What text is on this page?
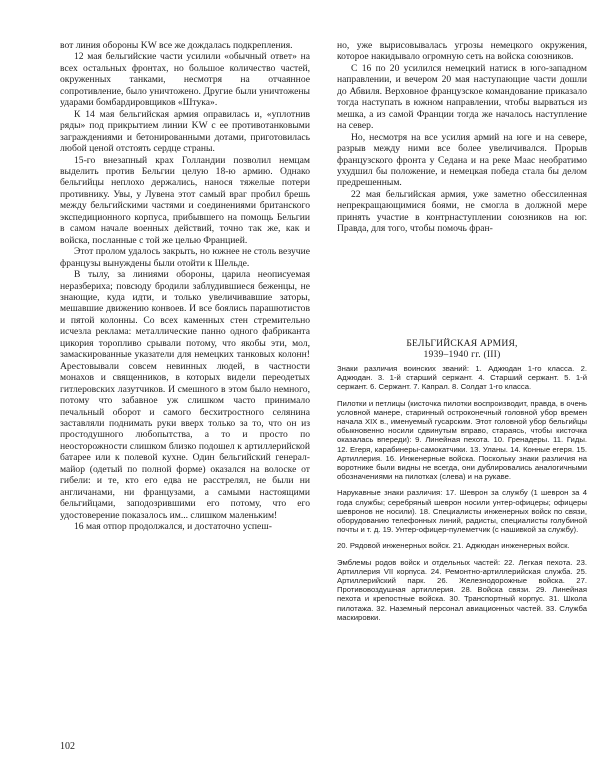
вот линия обороны KW все же дождалась подкрепления.

12 мая бельгийские части усилили «обычный ответ» на всех остальных фронтах, но большое количество частей, окруженных танками, несмотря на отчаянное сопротивление, было уничтожено. Другие были уничтожены ударами бомбардировщиков «Штука».

К 14 мая бельгийская армия оправилась и, «уплотнив ряды» под прикрытием линии KW с ее противотанковыми заграждениями и бетонированными дотами, приготовилась любой ценой отстоять сердце страны.

15-го внезапный крах Голландии позволил немцам выделить против Бельгии целую 18-ю армию. Однако бельгийцы неплохо держались, нанося тяжелые потери противнику. Увы, у Лувена этот самый враг пробил брешь между бельгийскими частями и соединениями британского экспедиционного корпуса, прибывшего на помощь Бельгии в самом начале военных действий, точно так же, как и войска, посланные с той же целью Францией.

Этот пролом удалось закрыть, но южнее не столь везучие французы вынуждены были отойти к Шельде.

В тылу, за линиями обороны, царила неописуемая неразбериха; повсюду бродили заблудившиеся беженцы, не знающие, куда идти, и только увеличивавшие заторы, мешавшие движению конвоев. И все боялись парашютистов и пятой колонны. Со всех каменных стен стремительно исчезла реклама: металлические панно одного фабриканта цикория торопливо срывали потому, что якобы эти, мол, замаскированные указатели для немецких танковых колонн! Арестовывали совсем невинных людей, в частности монахов и священников, в которых видели переодетых гитлеровских лазутчиков. И смешного в этом было немного, потому что забавное уж слишком часто принимало печальный оборот и самого бесхитростного селянина заставляли поднимать руки вверх только за то, что он из простодушного любопытства, а то и просто по неосторожности слишком близко подошел к артиллерийской батарее или к полевой кухне. Один бельгийский генерал-майор (одетый по полной форме) оказался на волоске от гибели: и те, кто его едва не расстрелял, не были ни англичанами, ни французами, а самыми настоящими бельгийцами, заподозрившими его потому, что его удостоверение показалось им... слишком маленьким!

16 мая отпор продолжался, и достаточно успеш-

но, уже вырисовывалась угрозы немецкого окружения, которое накидывало огромную сеть на войска союзников.

С 16 по 20 усилился немецкий натиск в юго-западном направлении, и вечером 20 мая наступающие части дошли до Абвиля. Верховное французское командование приказало тогда наступать в южном направлении, чтобы вырваться из мешка, а из самой Франции тогда же началось наступление на север.

Но, несмотря на все усилия армий на юге и на севере, разрыв между ними все более увеличивался. Прорыв французского фронта у Седана и на реке Маас необратимо ухудшил бы положение, и немецкая победа стала бы делом предрешенным.

22 мая бельгийская армия, уже заметно обессиленная непрекращающимися боями, не смогла в должной мере принять участие в контрнаступлении союзников на юг. Правда, для того, чтобы помочь фран-

БЕЛЬГИЙСКАЯ АРМИЯ,
1939–1940 гг. (III)

Знаки различия воинских званий: 1. Аджюдан 1-го класса. 2. Аджюдан. 3. 1-й старший сержант. 4. Старший сержант. 5. 1-й сержант. 6. Сержант. 7. Капрал. 8. Солдат 1-го класса.

Пилотки и петлицы (кисточка пилотки воспроизводит, правда, в очень условной манере, старинный остроконечный головной убор времен начала XIX в., именуемый гусарским. Этот головной убор бельгийцы обыкновенно носили сдвинутым вправо, стараясь, чтобы кисточка оказалась впереди): 9. Линейная пехота. 10. Гренадеры. 11. Гиды. 12. Егеря, карабинеры-самокатчики. 13. Уланы. 14. Конные егеря. 15. Артиллерия. 16. Инженерные войска. Поскольку знаки различия на воротнике были видны не всегда, они дублировались аналогичными обозначениями на пилотках (слева) и на рукаве.

Нарукавные знаки различия: 17. Шеврон за службу (1 шеврон за 4 года службы; серебряный шеврон носили унтер-офицеры; офицеры шевронов не носили). 18. Специалисты инженерных войск по связи, оборудованию телефонных линий, радисты, специалисты голубиной почты и т. д. 19. Унтер-офицер-пулеметчик (с нашивкой за службу).

20. Рядовой инженерных войск. 21. Аджюдан инженерных войск.

Эмблемы родов войск и отдельных частей: 22. Легкая пехота. 23. Артиллерия VII корпуса. 24. Ремонтно-артиллерийская служба. 25. Артиллерийский парк. 26. Железнодорожные войска. 27. Противовоздушная артиллерия. 28. Войска связи. 29. Линейная пехота и крепостные войска. 30. Транспортный корпус. 31. Школа пилотажа. 32. Наземный персонал авиационных частей. 33. Служба маскировки.

102
